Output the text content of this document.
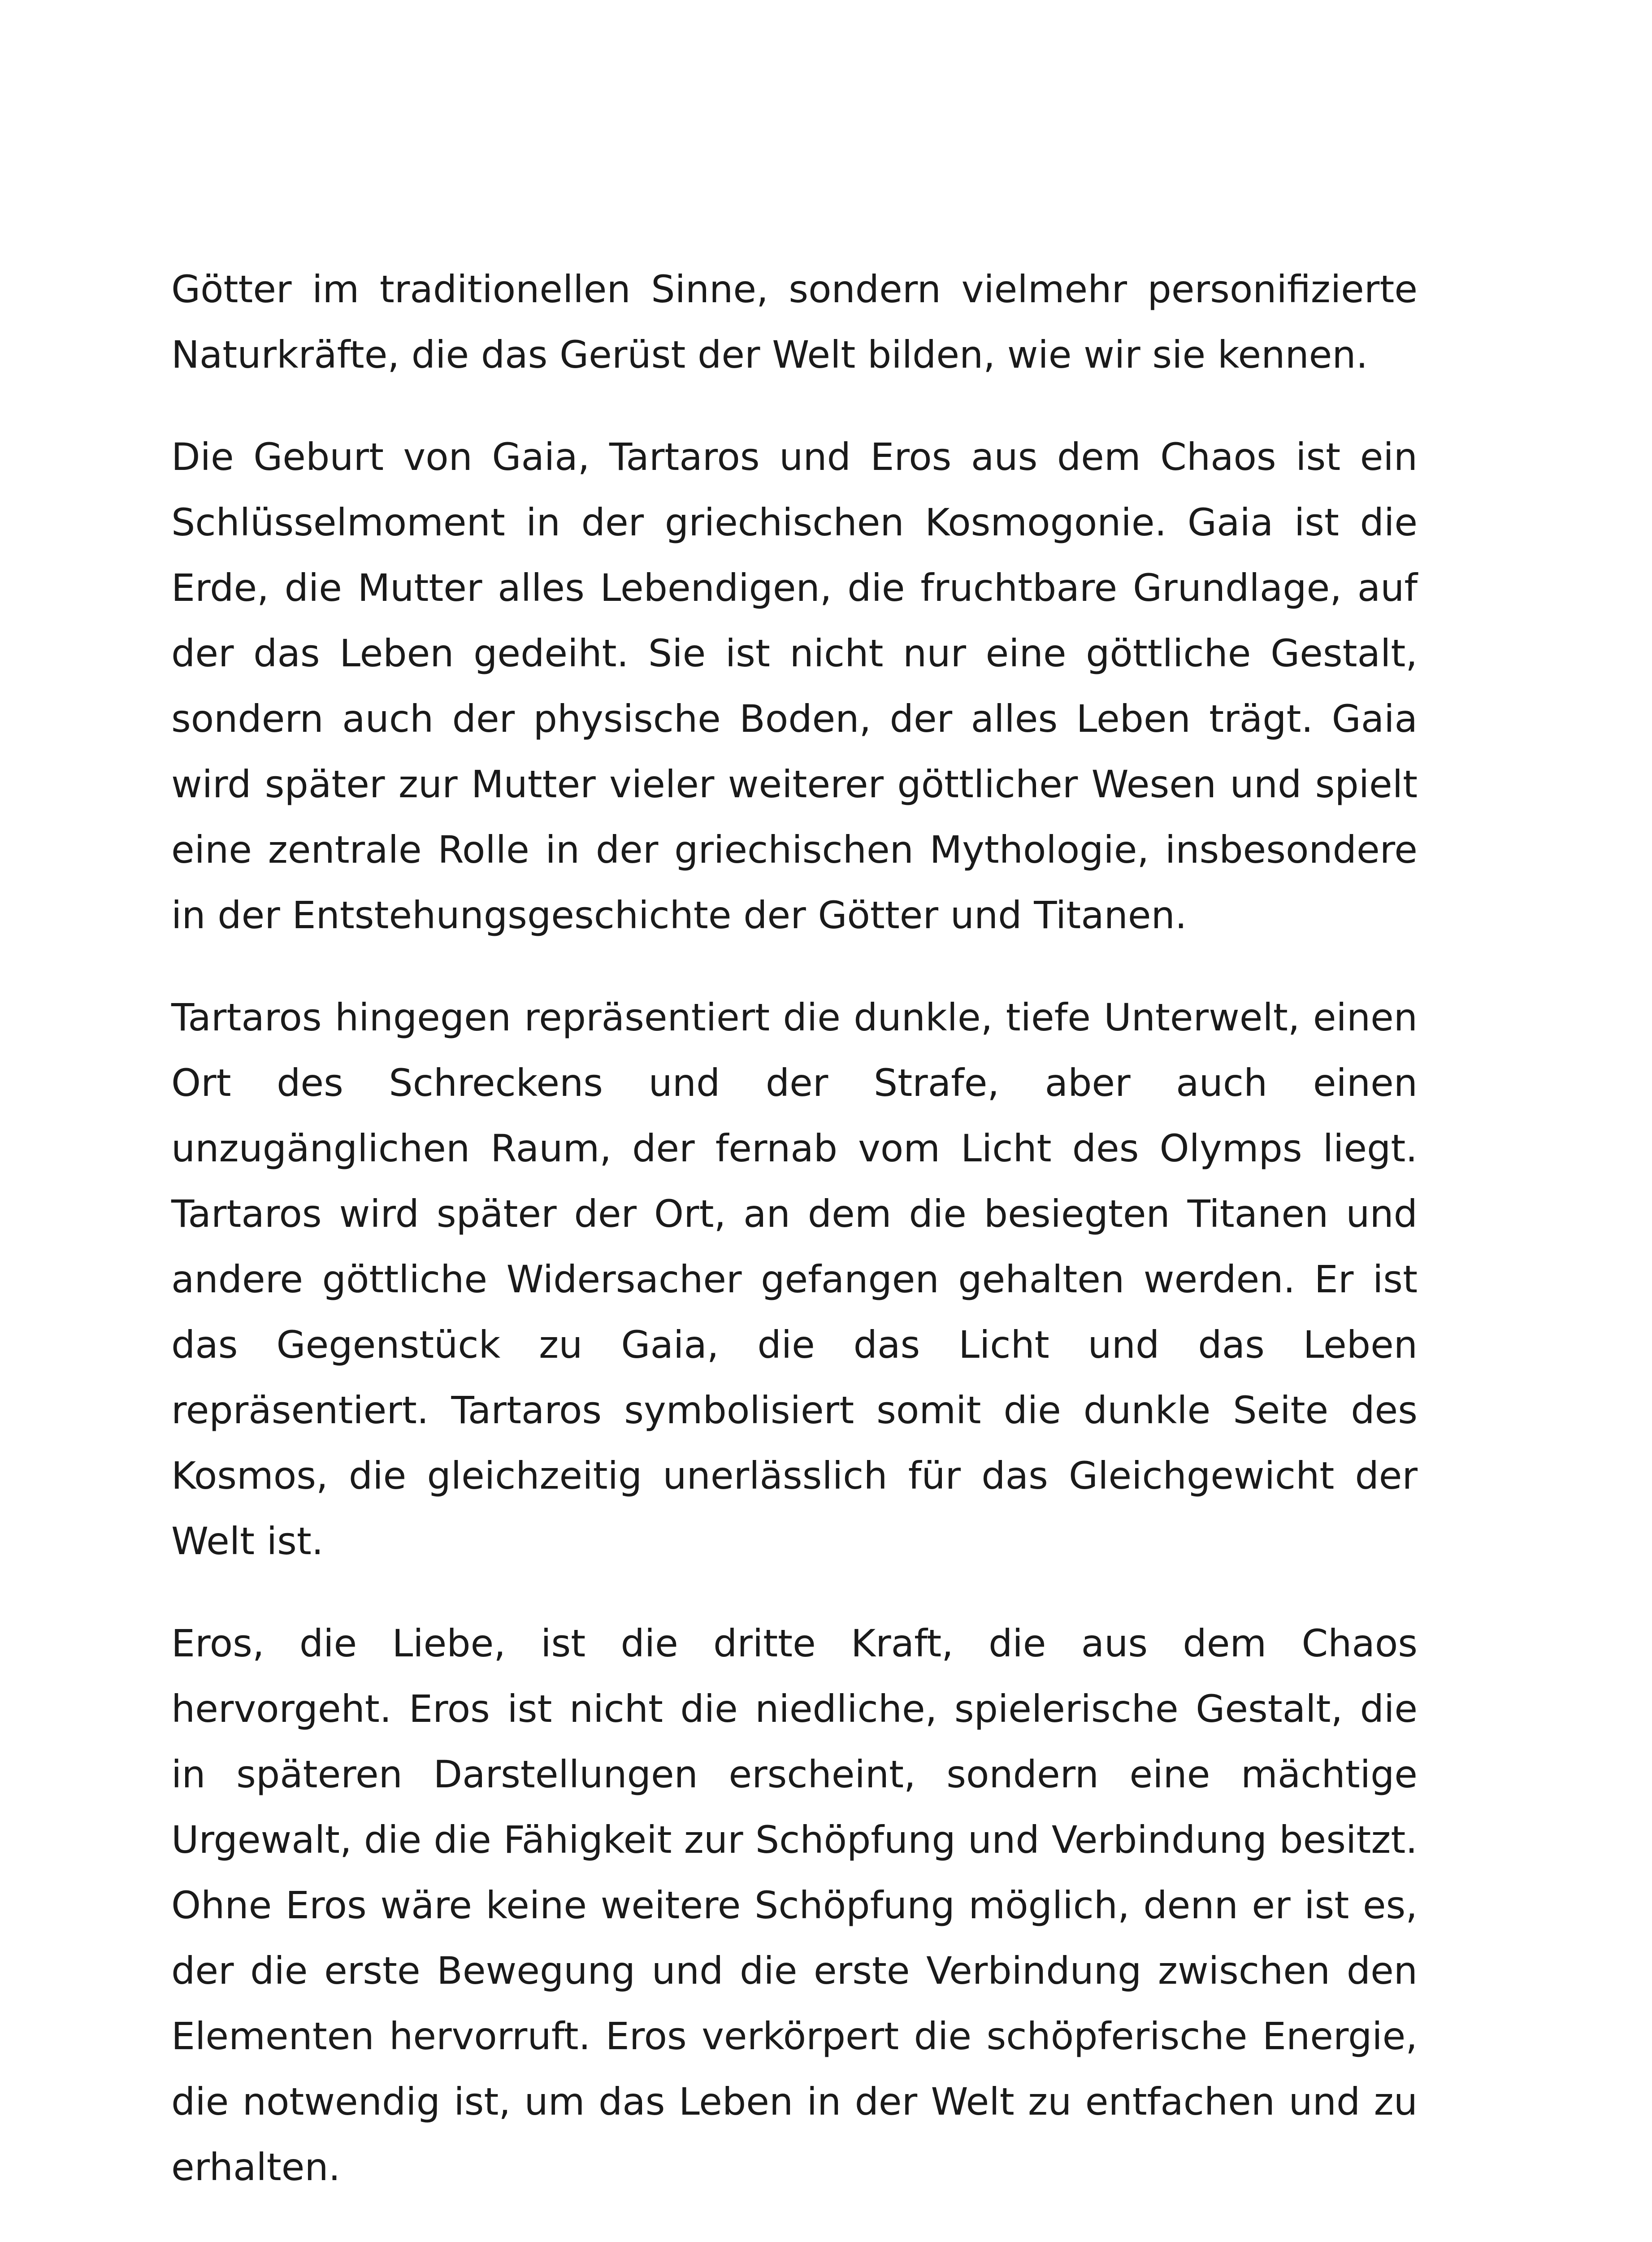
Götter im traditionellen Sinne, sondern vielmehr personifizierte Naturkräfte, die das Gerüst der Welt bilden, wie wir sie kennen.

Die Geburt von Gaia, Tartaros und Eros aus dem Chaos ist ein Schlüsselmoment in der griechischen Kosmogonie. Gaia ist die Erde, die Mutter alles Lebendigen, die fruchtbare Grundlage, auf der das Leben gedeiht. Sie ist nicht nur eine göttliche Gestalt, sondern auch der physische Boden, der alles Leben trägt. Gaia wird später zur Mutter vieler weiterer göttlicher Wesen und spielt eine zentrale Rolle in der griechischen Mythologie, insbesondere in der Entstehungsgeschichte der Götter und Titanen.

Tartaros hingegen repräsentiert die dunkle, tiefe Unterwelt, einen Ort des Schreckens und der Strafe, aber auch einen unzugänglichen Raum, der fernab vom Licht des Olymps liegt. Tartaros wird später der Ort, an dem die besiegten Titanen und andere göttliche Widersacher gefangen gehalten werden. Er ist das Gegenstück zu Gaia, die das Licht und das Leben repräsentiert. Tartaros symbolisiert somit die dunkle Seite des Kosmos, die gleichzeitig unerlässlich für das Gleichgewicht der Welt ist.

Eros, die Liebe, ist die dritte Kraft, die aus dem Chaos hervorgeht. Eros ist nicht die niedliche, spielerische Gestalt, die in späteren Darstellungen erscheint, sondern eine mächtige Urgewalt, die die Fähigkeit zur Schöpfung und Verbindung besitzt. Ohne Eros wäre keine weitere Schöpfung möglich, denn er ist es, der die erste Bewegung und die erste Verbindung zwischen den Elementen hervorruft. Eros verkörpert die schöpferische Energie, die notwendig ist, um das Leben in der Welt zu entfachen und zu erhalten.
